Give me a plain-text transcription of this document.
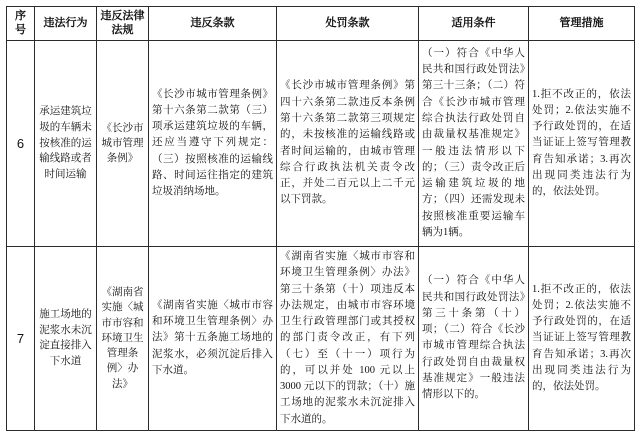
序号	违法行为	违反法律法规	违反条款	处罚条款	适用条件	管理措施
6	承运建筑垃圾的车辆未按核准的运输线路或者时间运输	《长沙市城市管理条例》	《长沙市城市管理条例》第十六条第二款第（三）项承运建筑垃圾的车辆，还应当遵守下列规定：（三）按照核准的运输线路、时间运往指定的建筑垃圾消纳场地。	《长沙市城市管理条例》第四十六条第二款违反本条例第十六条第二款第三项规定的，未按核准的运输线路或者时间运输的，由城市管理综合行政执法机关责令改正，并处二百元以上二千元以下罚款。	（一）符合《中华人民共和国行政处罚法》第三十三条；（二）符合《长沙市城市管理综合执法行政处罚自由裁量权基准规定》一般违法情形以下的；（三）责令改正后运输建筑垃圾的地方；（四）还需发现未按照核准重要运输车辆为1辆。	1.拒不改正的，依法处罚；2.依法实施不予行政处罚的，在适当证证上签写管理教育告知承诺；3.再次出现同类违法行为的，依法处罚。
7	施工场地的泥浆水未沉淀直接排入下水道	《湖南省实施〈城市市容和环境卫生管理条例〉办法》	《湖南省实施〈城市市容和环境卫生管理条例〉办法》第十五条施工场地的泥浆水，必须沉淀后排入下水道。	《湖南省实施〈城市市容和环境卫生管理条例〉办法》第三十条第（十）项违反本办法规定，由城市市容环境卫生行政管理部门或其授权的部门责令改正，有下列（七）至（十一）项行为的，可以并处 100 元以上 3000 元以下的罚款；（十）施工场地的泥浆水未沉淀排入下水道的。	（一）符合《中华人民共和国行政处罚法》第三十条第（十）项；（二）符合《长沙市城市管理综合执法行政处罚自由裁量权基准规定》一般违法情形以下的。	1.拒不改正的，依法处罚；2.依法实施不予行政处罚的，在适当证证上签写管理教育告知承诺；3.再次出现同类违法行为的，依法处罚。
